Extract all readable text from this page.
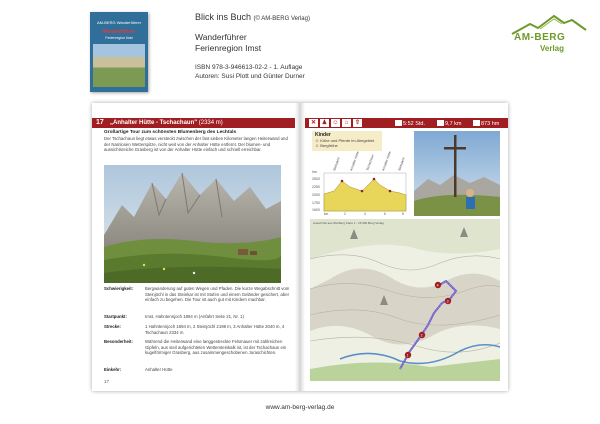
AM-BERG Wanderführer
Wanderführer
Ferienregion Imst
Blick ins Buch (© AM-BERG Verlag)
Wanderführer
Ferienregion Imst
ISBN 978-3-946613-02-2 - 1. Auflage
Autoren: Susi Plott und Günter Durner
AM-BERG
Verlag
17 „Anhalter Hütte - Tschachaun" (2334 m)
Großartige Tour zum schönsten Blumenberg des Lechtals
Der Tschachaun liegt etwas versteckt zwischen der fast sieben Kilometer langen Heiterwand und der Namlosen Wetterspitze, nicht weit von der Anhalter Hütte entfernt. Der blumen- und aussichtsreiche Grasberg ist von der Anhalter Hütte einfach und schnell erreichbar.
Schwierigkeit:	Bergwanderung auf guten Wegen und Pfaden. Die kurze Wegabschnitt vom Steinjöchl in das Steinkar ist mit Stufen und einem Geländer gesichert, aber einfach zu begehen. Die Tour ist auch gut mit Kindern machbar.
Startpunkt:	Imst, Hahntennjoch 1894 m (Anfahrt Seite 21, Nr. 1)
Strecke:	1 Hahntennjoch 1894 m, 2 Steinjöchl 2198 m, 3 Anhalter Hütte 2040 m, 4 Tschachaun 2334 m
Besonderheit:	Während die Heiterwand eine langgestreckte Felsmauer mit zahlreichen Gipfeln, aus steil aufgerichteten Wettersteinkalk ist, ist der Tschachaun ein kugelförmiger Grasberg, aus zusammengeschobenen Juraschichten.
Einkehr:	Anhalter Hütte
17
✕ ♟ ☺	⌂	⇧	5:52 Std.	9,7 km	873 hm
Kinder
☺ Kühe und Pferde im Almgebiet
☺ Bergfrühe
hm
2500
2250
2000
1750
1600
km	2	4	6	8
Steinjöchl	Anhalter Hütte Tschachaun Anhalter Hütte Steinjöchl
1
2
3
4
Ausschnitt aus AM-Berg Karte 1 : 25 000 Berg Verlag
www.am-berg-verlag.de
